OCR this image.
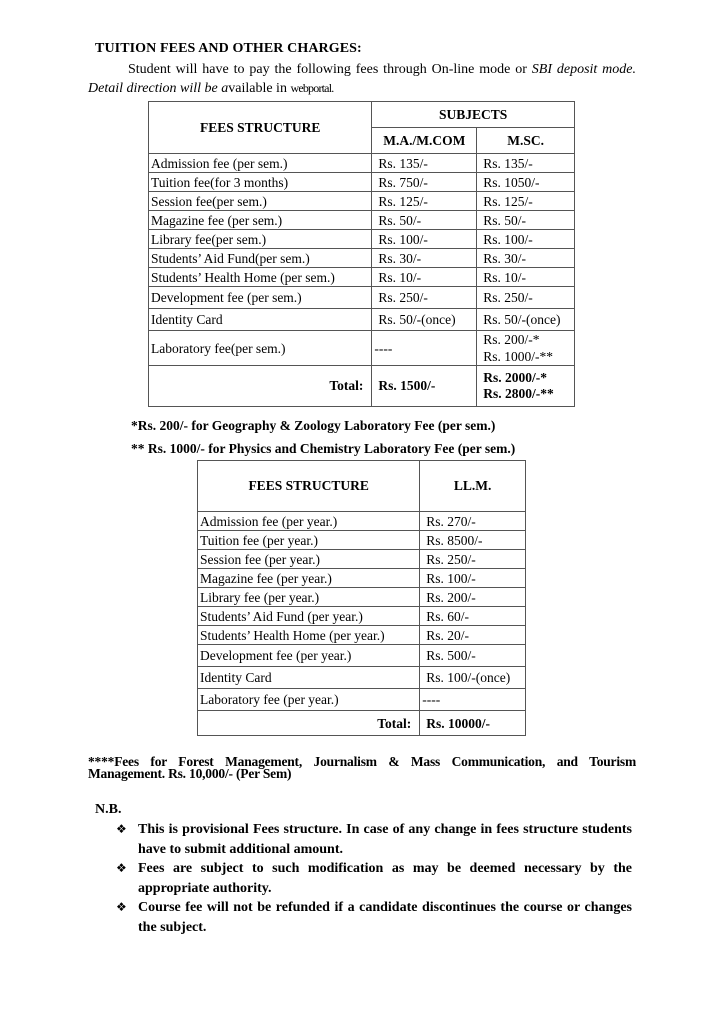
TUITION FEES AND OTHER CHARGES:
Student will have to pay the following fees through On-line mode or SBI deposit mode. Detail direction will be available in webportal.
FEES STRUCTURE	SUBJECTS	
	M.A./M.COM	M.SC.
Admission fee (per sem.)	Rs. 135/-	Rs. 135/-
Tuition fee(for 3 months)	Rs. 750/-	Rs. 1050/-
Session fee(per sem.)	Rs. 125/-	Rs. 125/-
Magazine fee (per sem.)	Rs. 50/-	Rs. 50/-
Library fee(per sem.)	Rs. 100/-	Rs. 100/-
Students’ Aid Fund(per sem.)	Rs. 30/-	Rs. 30/-
Students’ Health Home (per sem.)	Rs. 10/-	Rs. 10/-
Development fee (per sem.)	Rs. 250/-	Rs. 250/-
Identity Card	Rs. 50/-(once)	Rs. 50/-(once)
Laboratory fee(per sem.)	----	Rs. 200/-*
Rs. 1000/-**

Total:	Rs. 1500/-	Rs. 2000/-*
Rs. 2800/-**
*Rs. 200/- for Geography & Zoology Laboratory Fee (per sem.)
** Rs. 1000/- for Physics and Chemistry Laboratory Fee (per sem.)
FEES STRUCTURE	LL.M.
Admission fee (per year.)	Rs. 270/-
Tuition fee (per year.)	Rs. 8500/-
Session fee (per year.)	Rs. 250/-
Magazine fee (per year.)	Rs. 100/-
Library fee (per year.)	Rs. 200/-
Students’ Aid Fund (per year.)	Rs. 60/-
Students’ Health Home (per year.)	Rs. 20/-
Development fee (per year.)	Rs. 500/-
Identity Card	Rs. 100/-(once)
Laboratory fee (per year.)	----
Total:	Rs. 10000/-
****Fees for Forest Management, Journalism & Mass Communication, and Tourism Management. Rs. 10,000/- (Per Sem)
N.B.
❖ This is provisional Fees structure. In case of any change in fees structure students have to submit additional amount.
❖ Fees are subject to such modification as may be deemed necessary by the appropriate authority.
❖ Course fee will not be refunded if a candidate discontinues the course or changes the subject.
